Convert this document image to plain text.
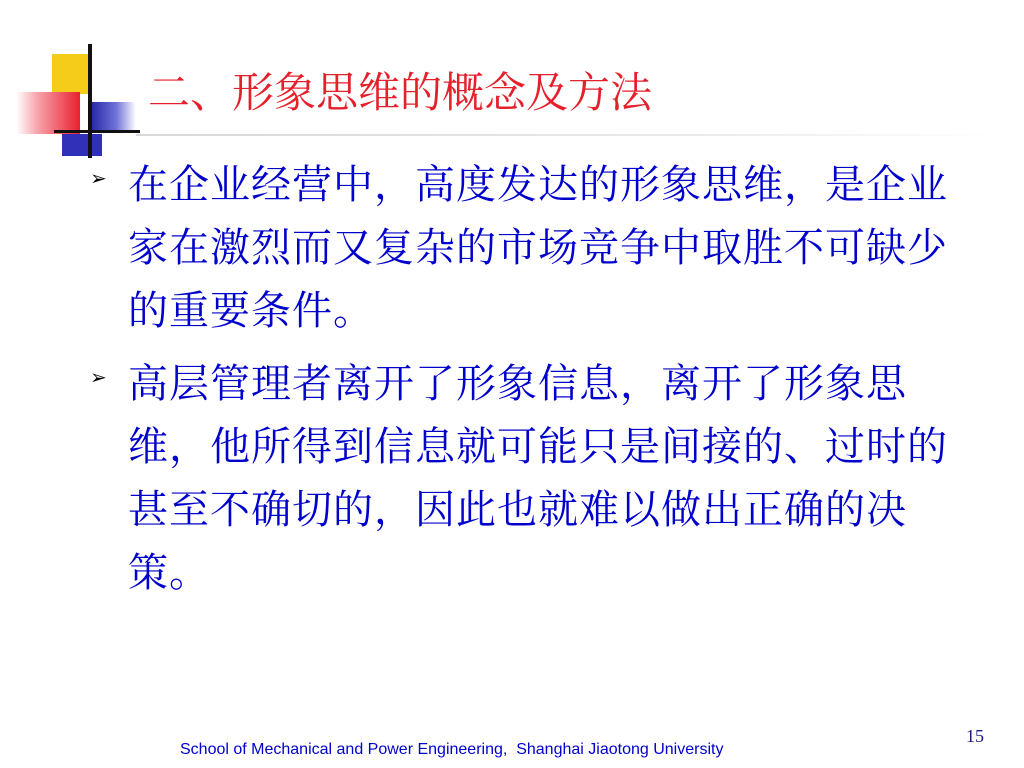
二、形象思维的概念及方法
➢ 在企业经营中，高度发达的形象思维，是企业家在激烈而又复杂的市场竞争中取胜不可缺少的重要条件。
➢ 高层管理者离开了形象信息，离开了形象思维，他所得到信息就可能只是间接的、过时的甚至不确切的，因此也就难以做出正确的决策。
School of Mechanical and Power Engineering,  Shanghai Jiaotong University
15
